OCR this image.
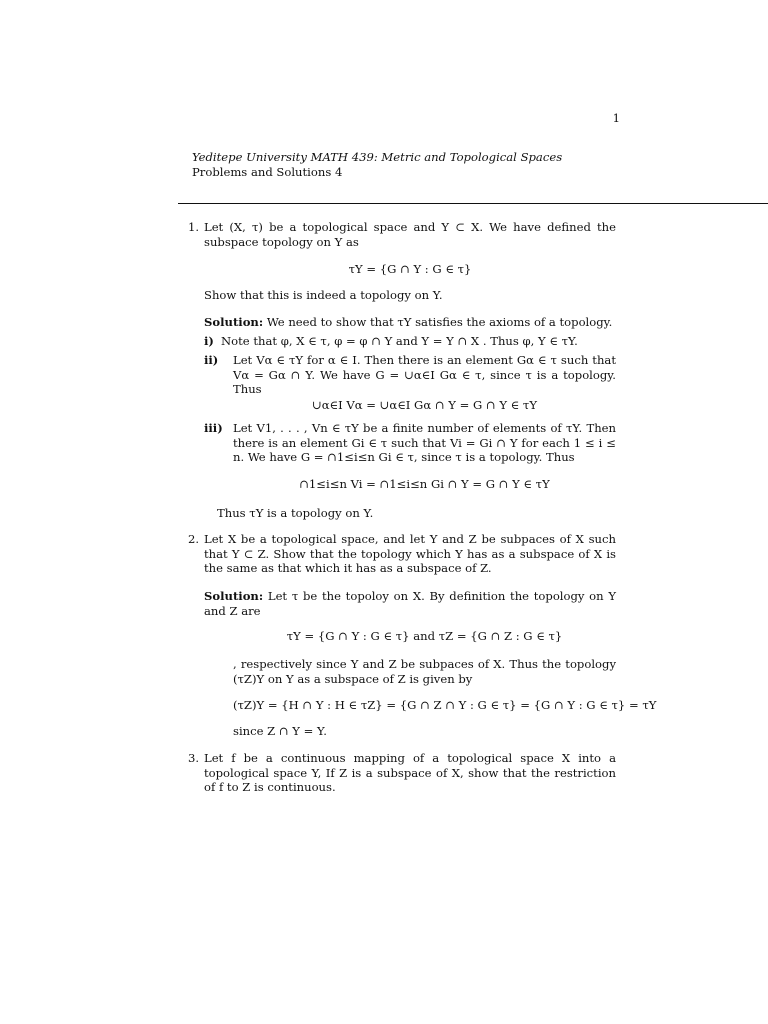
1
Yeditepe University MATH 439: Metric and Topological Spaces
Problems and Solutions 4
1. Let (X, τ) be a topological space and Y ⊂ X. We have defined the subspace topology on Y as

τY = {G ∩ Y : G ∈ τ}

Show that this is indeed a topology on Y.

Solution: We need to show that τY satisfies the axioms of a topology.

i) Note that φ, X ∈ τ, φ = φ ∩ Y and Y = Y ∩ X . Thus φ, Y ∈ τY.

ii) Let Vα ∈ τY for α ∈ I. Then there is an element Gα ∈ τ such that Vα = Gα ∩ Y. We have G = ∪α∈I Gα ∈ τ, since τ is a topology. Thus

∪α∈I Vα = ∪α∈I Gα ∩ Y = G ∩ Y ∈ τY

iii) Let V1, . . . , Vn ∈ τY be a finite number of elements of τY. Then there is an element Gi ∈ τ such that Vi = Gi ∩ Y for each 1 ≤ i ≤ n. We have G = ∩1≤i≤n Gi ∈ τ, since τ is a topology. Thus

∩1≤i≤n Vi = ∩1≤i≤n Gi ∩ Y = G ∩ Y ∈ τY

Thus τY is a topology on Y.

2. Let X be a topological space, and let Y and Z be subpaces of X such that Y ⊂ Z. Show that the topology which Y has as a subspace of X is the same as that which it has as a subspace of Z.

Solution: Let τ be the topoloy on X. By definition the topology on Y and Z are

τY = {G ∩ Y : G ∈ τ} and τZ = {G ∩ Z : G ∈ τ}

, respectively since Y and Z be subpaces of X. Thus the topology (τZ)Y on Y as a subspace of Z is given by

(τZ)Y = {H ∩ Y : H ∈ τZ} = {G ∩ Z ∩ Y : G ∈ τ} = {G ∩ Y : G ∈ τ} = τY

since Z ∩ Y = Y.

3. Let f be a continuous mapping of a topological space X into a topological space Y, If Z is a subspace of X, show that the restriction of f to Z is continuous.
